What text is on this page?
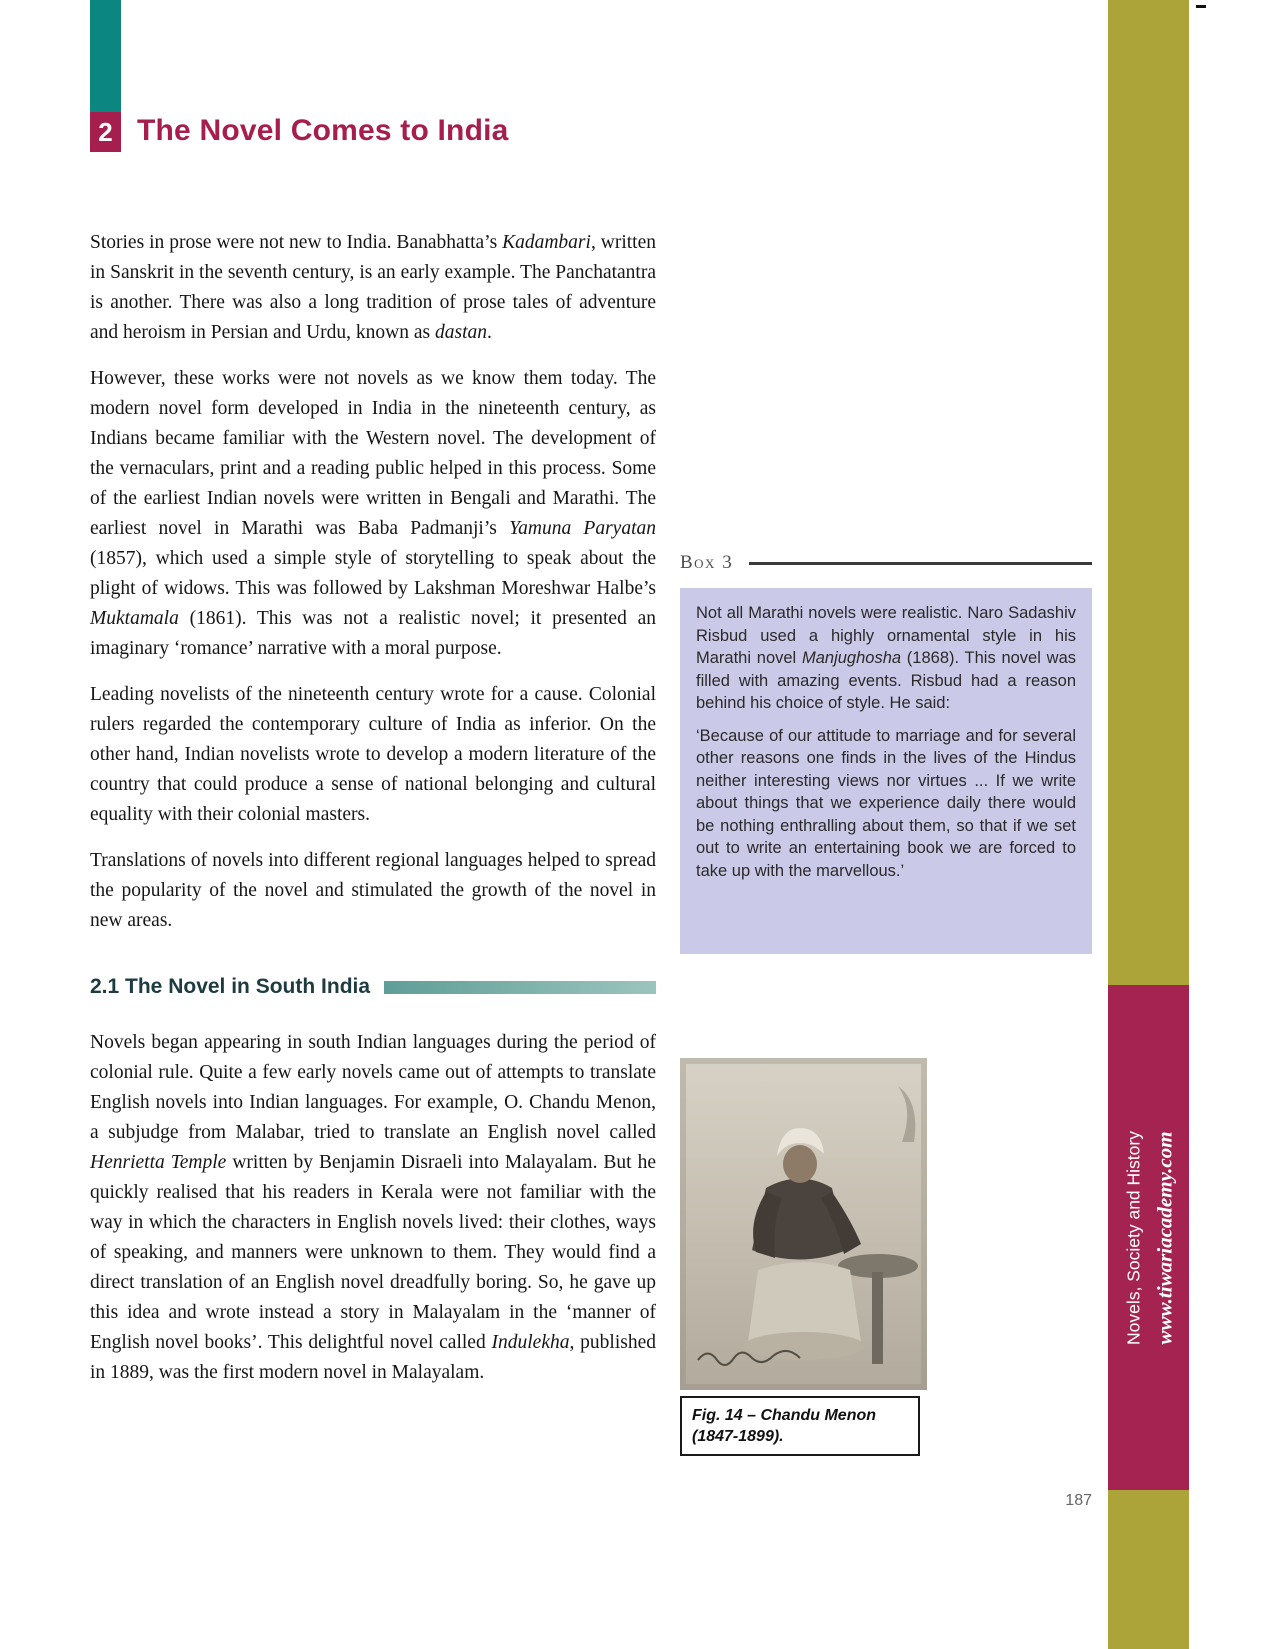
2 The Novel Comes to India

Stories in prose were not new to India. Banabhatta’s Kadambari, written in Sanskrit in the seventh century, is an early example. The Panchatantra is another. There was also a long tradition of prose tales of adventure and heroism in Persian and Urdu, known as dastan.

However, these works were not novels as we know them today. The modern novel form developed in India in the nineteenth century, as Indians became familiar with the Western novel. The development of the vernaculars, print and a reading public helped in this process. Some of the earliest Indian novels were written in Bengali and Marathi. The earliest novel in Marathi was Baba Padmanji’s Yamuna Paryatan (1857), which used a simple style of storytelling to speak about the plight of widows. This was followed by Lakshman Moreshwar Halbe’s Muktamala (1861). This was not a realistic novel; it presented an imaginary ‘romance’ narrative with a moral purpose.

Leading novelists of the nineteenth century wrote for a cause. Colonial rulers regarded the contemporary culture of India as inferior. On the other hand, Indian novelists wrote to develop a modern literature of the country that could produce a sense of national belonging and cultural equality with their colonial masters.

Translations of novels into different regional languages helped to spread the popularity of the novel and stimulated the growth of the novel in new areas.

2.1 The Novel in South India

Novels began appearing in south Indian languages during the period of colonial rule. Quite a few early novels came out of attempts to translate English novels into Indian languages. For example, O. Chandu Menon, a subjudge from Malabar, tried to translate an English novel called Henrietta Temple written by Benjamin Disraeli into Malayalam. But he quickly realised that his readers in Kerala were not familiar with the way in which the characters in English novels lived: their clothes, ways of speaking, and manners were unknown to them. They would find a direct translation of an English novel dreadfully boring. So, he gave up this idea and wrote instead a story in Malayalam in the ‘manner of English novel books’. This delightful novel called Indulekha, published in 1889, was the first modern novel in Malayalam.

Box 3

Not all Marathi novels were realistic. Naro Sadashiv Risbud used a highly ornamental style in his Marathi novel Manjughosha (1868). This novel was filled with amazing events. Risbud had a reason behind his choice of style. He said:

‘Because of our attitude to marriage and for several other reasons one finds in the lives of the Hindus neither interesting views nor virtues ... If we write about things that we experience daily there would be nothing enthralling about them, so that if we set out to write an entertaining book we are forced to take up with the marvellous.’

Fig. 14 – Chandu Menon
(1847-1899).
Novels, Society and History www.tiwariacademy.com
187
